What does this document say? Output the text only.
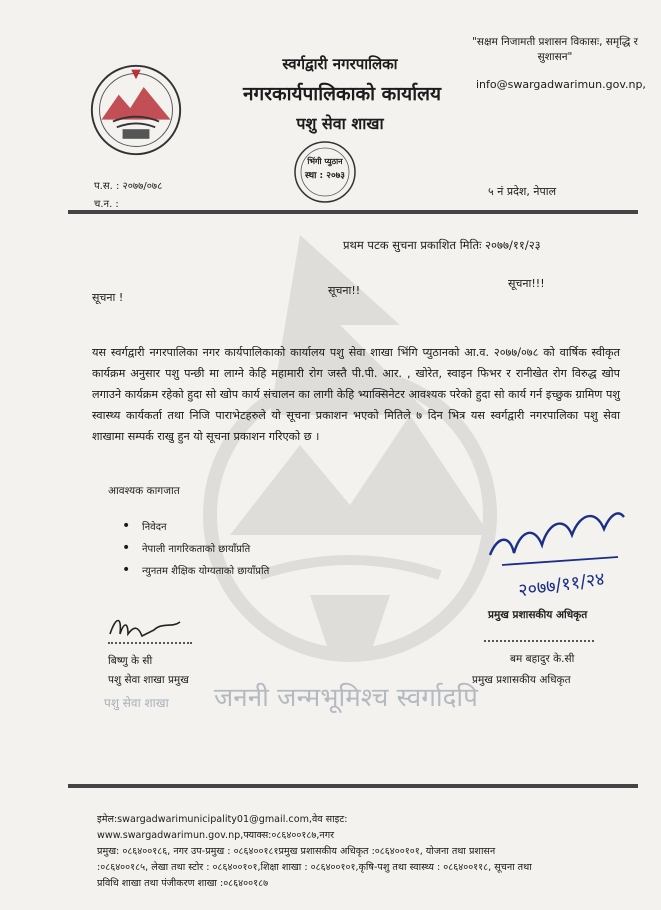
स्वर्गद्वारी नगरपालिका
नगरकार्यपालिकाको कार्यालय
पशु सेवा शाखा
"सक्षम निजामती प्रशासन विकासः, समृद्धि र सुशासन"
info@swargadwarimun.gov.np,
भिंगी प्युठान
स्था : २०७३
प.स. : २०७७/०७८
च.न. :
५ नं प्रदेश, नेपाल
प्रथम पटक सुचना प्रकाशित मितिः २०७७/११/२३
सूचना !
सूचना!!
सूचना!!!
यस स्वर्गद्वारी नगरपालिका नगर कार्यपालिकाको कार्यालय पशु सेवा शाखा भिंगि प्युठानको आ.व. २०७७/०७८ को वार्षिक स्वीकृत कार्यक्रम अनुसार पशु पन्छी मा लाग्ने केहि महामारी रोग जस्तै पी.पी. आर. , खोरेत, स्वाइन फिभर र रानीखेत रोग विरुद्ध खोप लगाउने कार्यक्रम रहेको हुदा सो खोप कार्य संचालन का लागी केहि भ्याक्सिनेटर आवश्यक परेको हुदा सो कार्य गर्न इच्छुक ग्रामिण पशु स्वास्थ्य कार्यकर्ता तथा निजि पाराभेटहरुले यो सूचना प्रकाशन भएको मितिले ७ दिन भित्र यस स्वर्गद्वारी नगरपालिका पशु सेवा शाखामा सम्पर्क राखु हुन यो सूचना प्रकाशन गरिएको छ ।
आवश्यक कागजात
• निवेदन
• नेपाली नागरिकताको छायाँप्रति
• न्युनतम शैक्षिक योग्यताको छायाँप्रति
बिष्णु के सी
पशु सेवा शाखा प्रमुख
२०७७/११/२४
प्रमुख प्रशासकीय अधिकृत
बम बहादुर के.सी
प्रमुख प्रशासकीय अधिकृत
जननी जन्मभूमिश्च स्वर्गादपि
पशु सेवा शाखा
इमेल:swargadwarimunicipality01@gmail.com,वेव साइट: www.swargadwarimun.gov.np,फ्याक्स:०८६४००१८७,नगर
प्रमुख: ०८६४००१८६, नगर उप-प्रमुख : ०८६४००१८१प्रमुख प्रशासकीय अधिकृत :०८६४००१०१, योजना तथा प्रशासन
:०८६४००१८५, लेखा तथा स्टोर : ०८६४००१०१,शिक्षा शाखा : ०८६४००१०१,कृषि-पशु तथा स्वास्थ्य : ०८६४००११८, सूचना तथा
प्रविधि शाखा तथा पंजीकरण शाखा :०८६४००१८७
